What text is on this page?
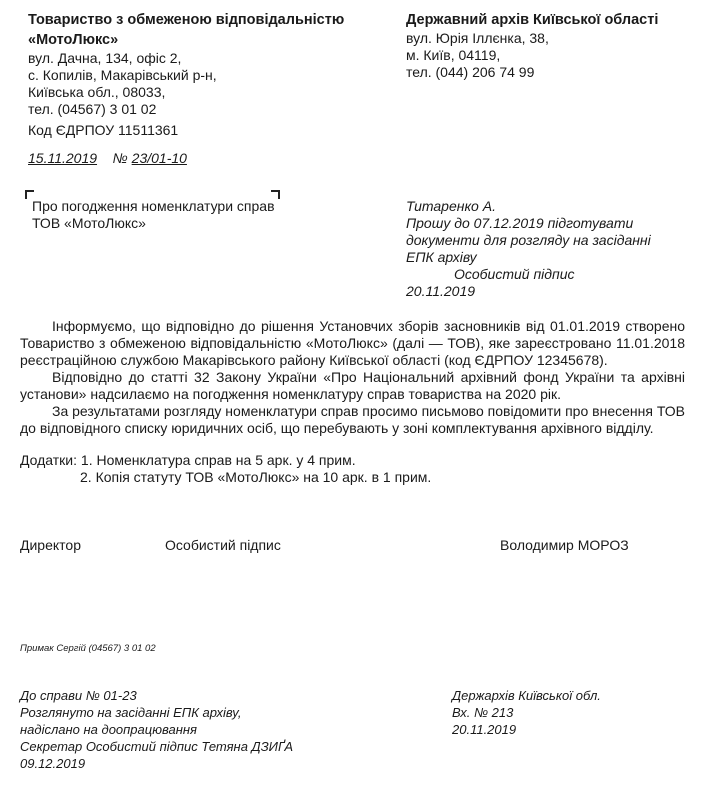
Товариство з обмеженою відповідальністю
«МотоЛюкс»
вул. Дачна, 134, офіс 2,
с. Копилів, Макарівський р-н,
Київська обл., 08033,
тел. (04567) 3 01 02
Код ЄДРПОУ 11511361
Державний архів Київської області
вул. Юрія Іллєнка, 38,
м. Київ, 04119,
тел. (044) 206 74 99
15.11.2019 № 23/01-10
Про погодження номенклатури справ
ТОВ «МотоЛюкс»
Титаренко А.
Прошу до 07.12.2019 підготувати
документи для розгляду на засіданні
ЕПК архіву
Особистий підпис
20.11.2019

Інформуємо, що відповідно до рішення Установчих зборів засновників від 01.01.2019 створено Товариство з обмеженою відповідальністю «МотоЛюкс» (далі — ТОВ), яке зареєстровано 11.01.2018 реєстраційною службою Макарівського району Київської області (код ЄДРПОУ 12345678).

Відповідно до статті 32 Закону України «Про Національний архівний фонд України та архівні установи» надсилаємо на погодження номенклатуру справ товариства на 2020 рік.

За результатами розгляду номенклатури справ просимо письмово повідомити про внесення ТОВ до відповідного списку юридичних осіб, що перебувають у зоні комплектування архівного відділу.

Додатки: 1. Номенклатура справ на 5 арк. у 4 прим.
2. Копія статуту ТОВ «МотоЛюкс» на 10 арк. в 1 прим.
Директор	Особистий підпис	Володимир МОРОЗ
Примак Сергій (04567) 3 01 02
До справи № 01-23
Розглянуто на засіданні ЕПК архіву,
надіслано на доопрацювання
Секретар Особистий підпис Тетяна ДЗИҐА
09.12.2019
Держархів Київської обл.
Вх. № 213
20.11.2019
